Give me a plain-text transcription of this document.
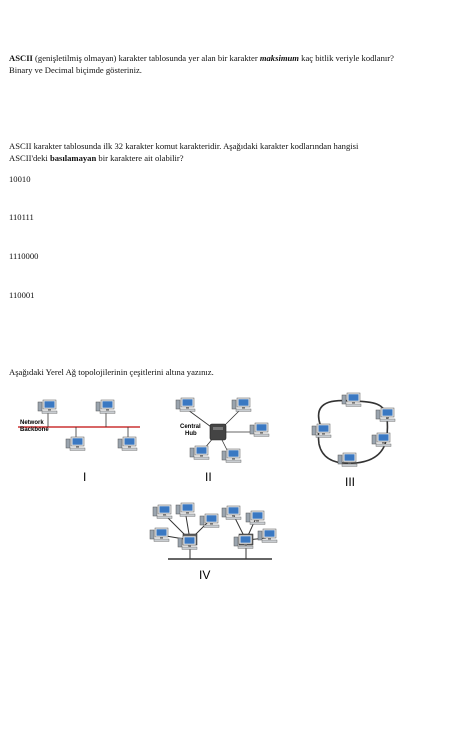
ASCII (genişletilmiş olmayan) karakter tablosunda yer alan bir karakter maksimum kaç bitlik veriyle kodlanır? Binary ve Decimal biçimde gösteriniz.
ASCII karakter tablosunda ilk 32 karakter komut karakteridir. Aşağıdaki karakter kodlarından hangisi
ASCII'deki basılamayan bir karaktere ait olabilir?
10010
110111
1110000
110001
Aşağıdaki Yerel Ağ topolojilerinin çeşitlerini altına yazınız.
Network
Backbone	Central
Hub
I	II	III
IV
